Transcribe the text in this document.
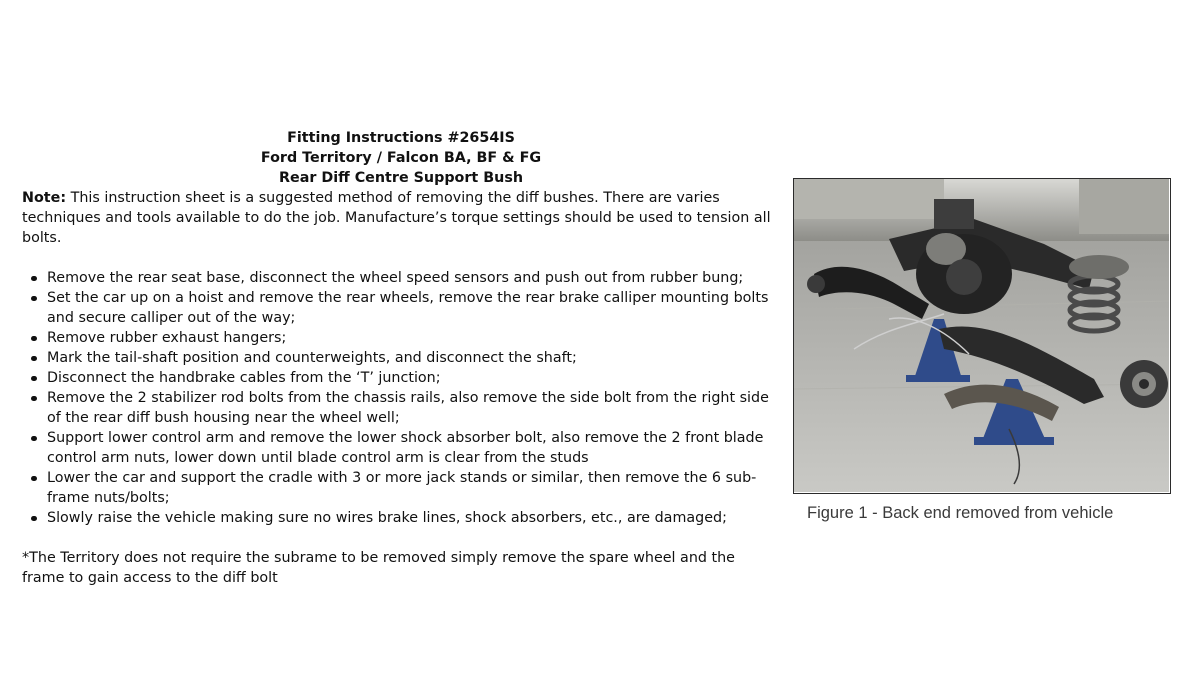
Fitting Instructions #2654IS
Ford Territory / Falcon BA, BF & FG
Rear Diff Centre Support Bush

Note: This instruction sheet is a suggested method of removing the diff bushes. There are varies techniques and tools available to do the job. Manufacture’s torque settings should be used to tension all bolts.

Remove the rear seat base, disconnect the wheel speed sensors and push out from rubber bung;
Set the car up on a hoist and remove the rear wheels, remove the rear brake calliper mounting bolts and secure calliper out of the way;
Remove rubber exhaust hangers;
Mark the tail-shaft position and counterweights, and disconnect the shaft;
Disconnect the handbrake cables from the ‘T’ junction;
Remove the 2 stabilizer rod bolts from the chassis rails, also remove the side bolt from the right side of the rear diff bush housing near the wheel well;
Support lower control arm and remove the lower shock absorber bolt, also remove the 2 front blade control arm nuts, lower down until blade control arm is clear from the studs
Lower the car and support the cradle with 3 or more jack stands or similar, then remove the 6 sub-frame nuts/bolts;
Slowly raise the vehicle making sure no wires brake lines, shock absorbers, etc., are damaged;

*The Territory does not require the subrame to be removed simply remove the spare wheel and the frame to gain access to the diff bolt

Figure 1 - Back end removed from vehicle
